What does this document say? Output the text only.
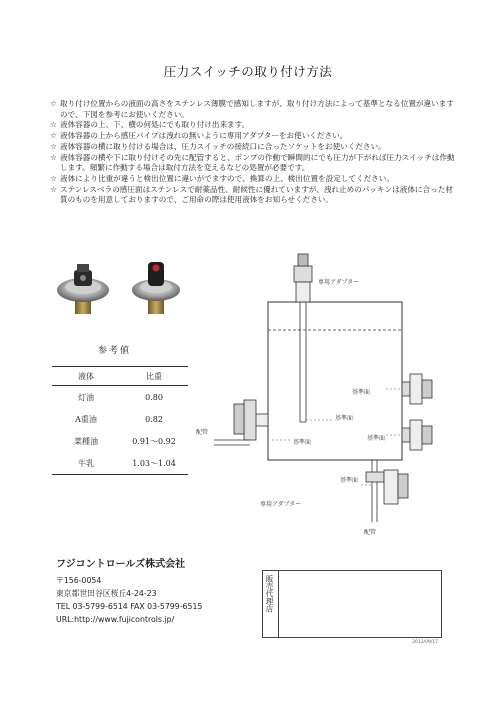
圧力スイッチの取り付け方法
☆ 取り付け位置からの液面の高さをステンレス薄膜で感知しますが、取り付け方法によって基準となる位置が違いますので、下図を参考にお使いください。
☆ 液体容器の上、下、横の何処にでも取り付け出来ます。
☆ 液体容器の上から感圧パイプは洩れの無いように専用アダプターをお使いください。
☆ 液体容器の横に取り付ける場合は、圧力スイッチの接続口に合ったソケットをお使いください。
☆ 液体容器の横や下に取り付けその先に配管すると、ポンプの作動で瞬間的にでも圧力が下がれば圧力スイッチは作動します。頻繁に作動する場合は取付方法を変えるなどの処置が必要です。
☆ 液体により比重が違うと検出位置に違いがでますので、換算の上、検出位置を設定してください。
☆ ステンレスベラの感圧面はステンレスで耐薬品性、耐候性に優れていますが、洩れ止めのパッキンは液体に合った材質のものを用意しておりますので、ご用命の際は使用液体をお知らせください。
参考値
液体	比重
灯油	0.80
A重油	0.82
菜種油	0.91〜0.92
牛乳	1.03〜1.04
専用アダプター
配管
基準面
基準面
基準面
基準面
基準面
専用アダプター
配管
フジコントロールズ株式会社
〒156-0054
東京都世田谷区桜丘4-24-23
TEL 03-5799-6514 FAX 03-5799-6515
URL:http://www.fujicontrols.jp/
販売代理店
2013/09/17
